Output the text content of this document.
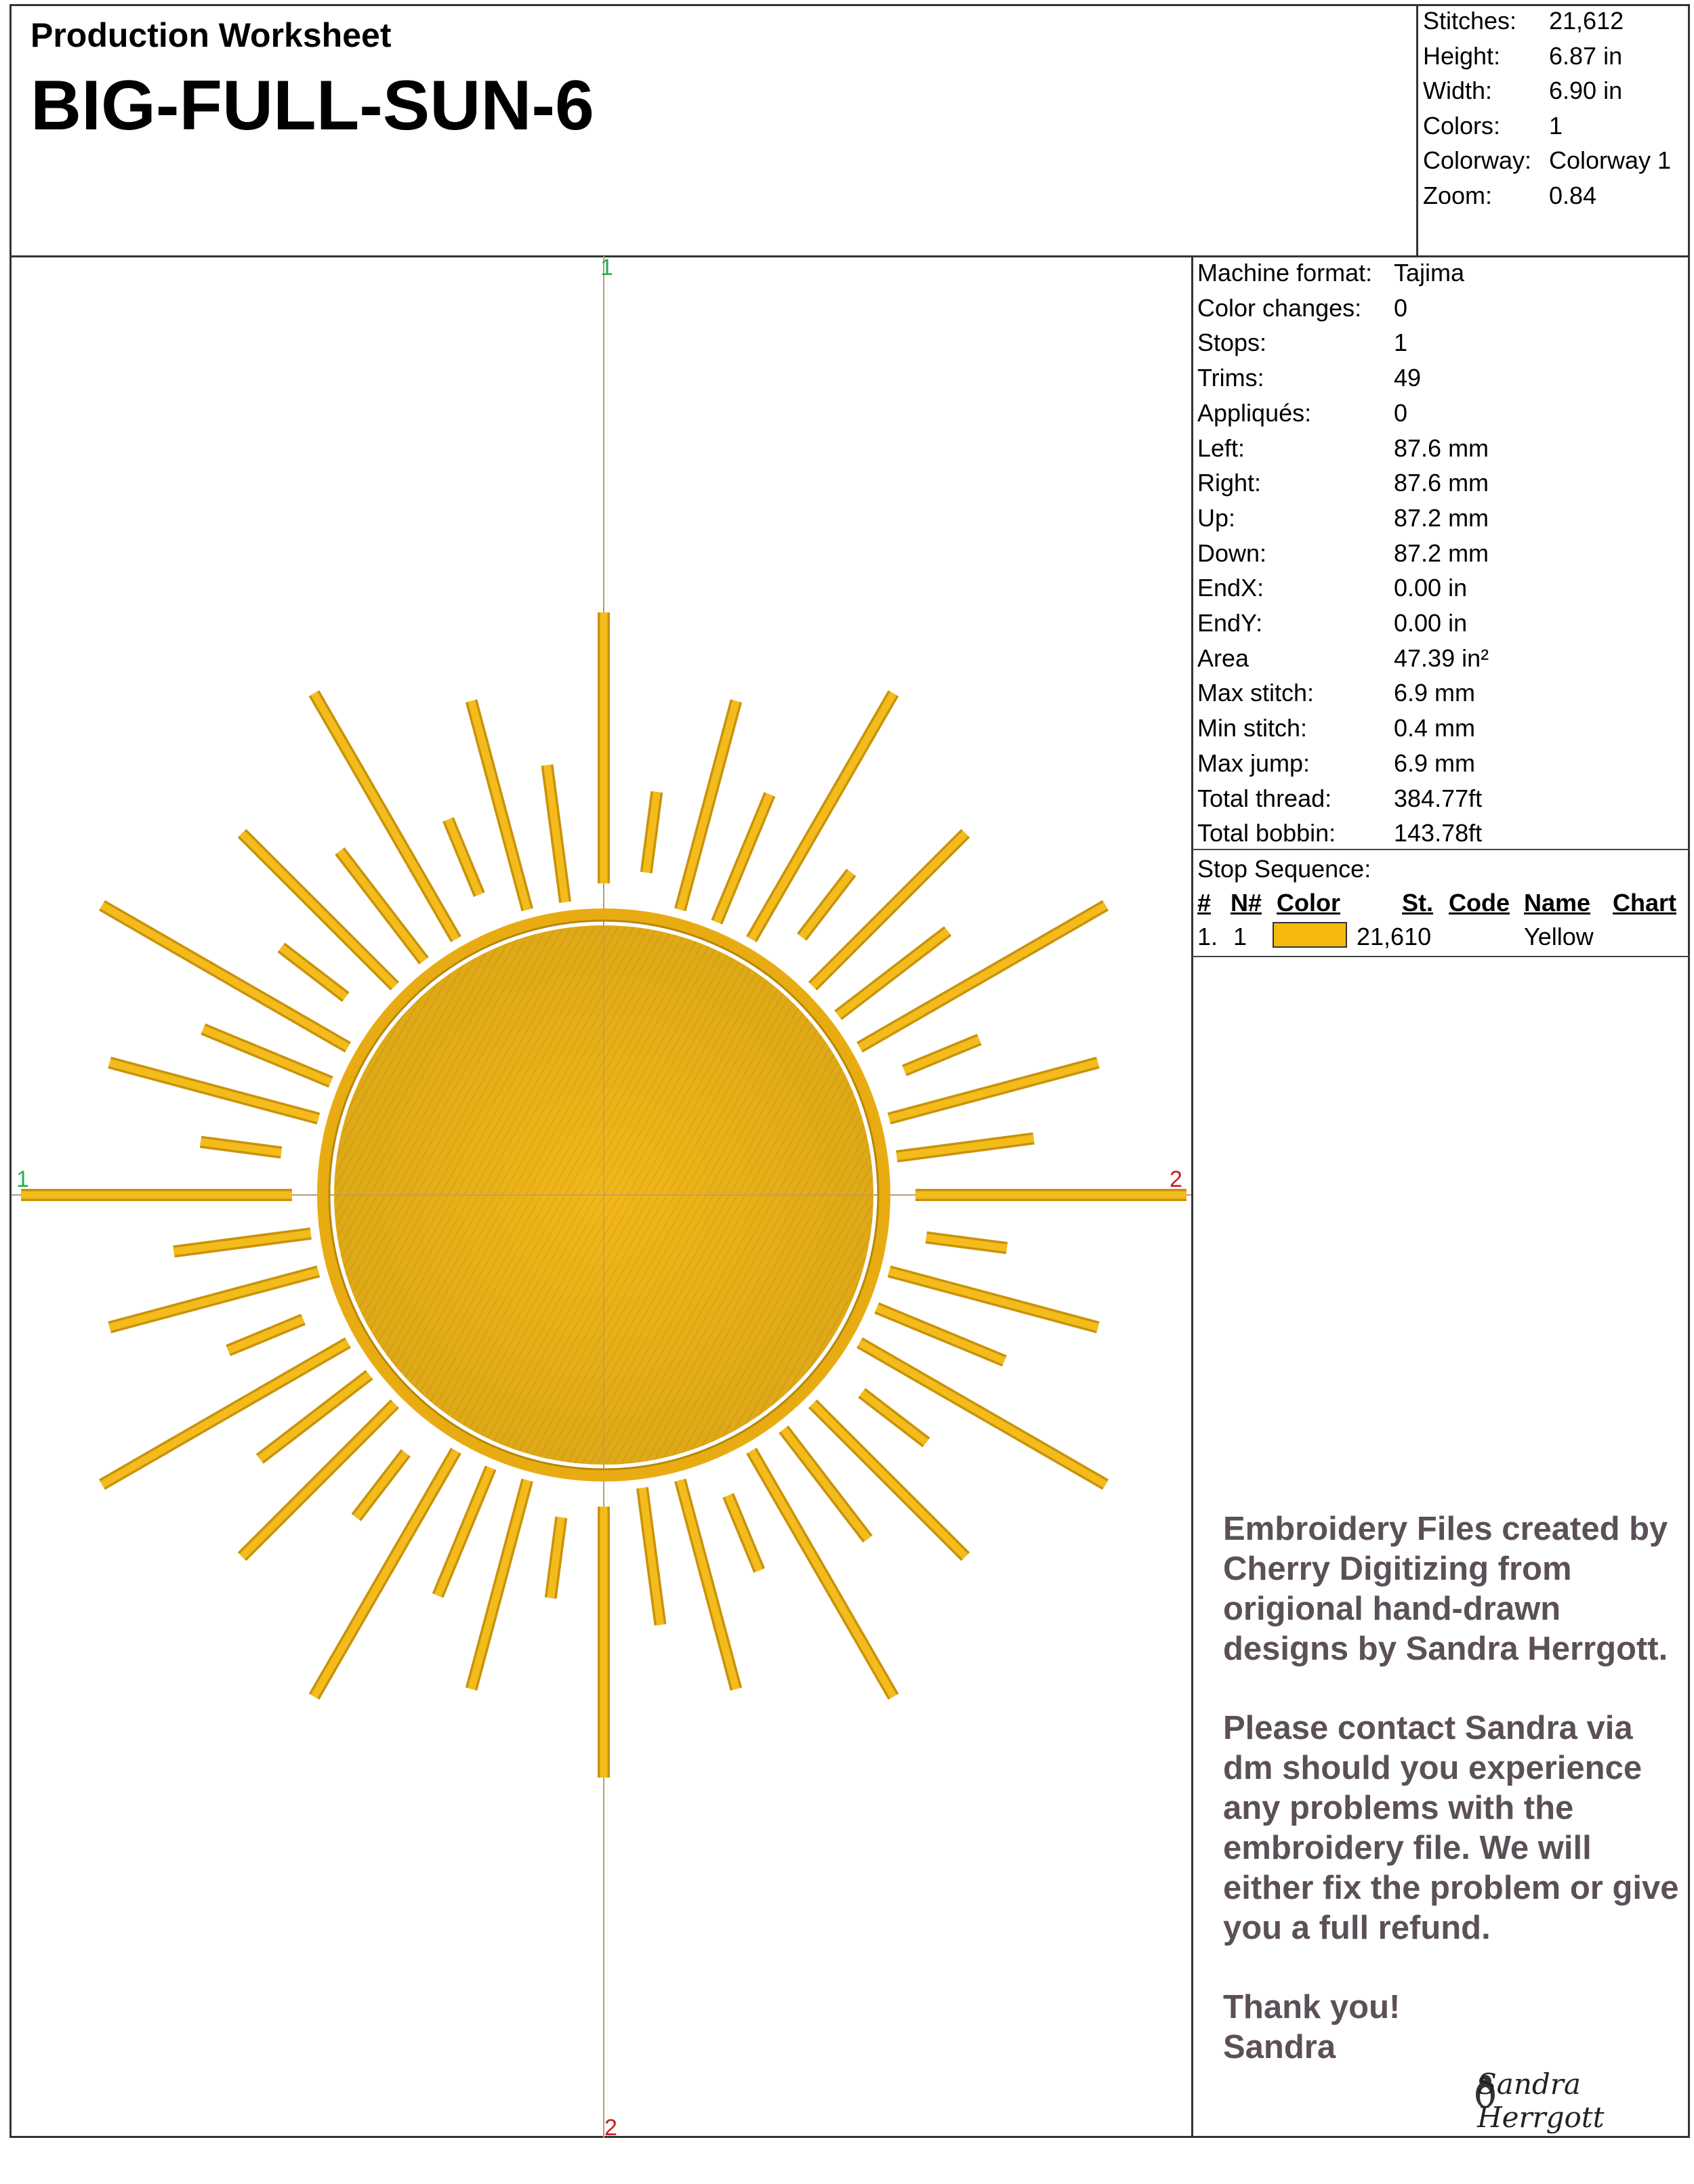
Production Worksheet
BIG-FULL-SUN-6
Stitches: 21,612
Height: 6.87 in
Width: 6.90 in
Colors: 1
Colorway: Colorway 1
Zoom: 0.84
1
1	2
2
Machine format: Tajima
Color changes: 0
Stops:	1
Trims:	49
Appliqués:	0
Left:	87.6 mm
Right:	87.6 mm
Up:	87.2 mm
Down:	87.2 mm
EndX:	0.00 in
EndY:	0.00 in
Area	47.39 in²
Max stitch:	6.9 mm
Min stitch:	0.4 mm
Max jump:	6.9 mm
Total thread:	384.77ft
Total bobbin: 143.78ft
Stop Sequence:
# N# Color	St. Code Name Chart
1. 1	21,610	Yellow

Embroidery Files created by Cherry Digitizing from origional hand-drawn designs by Sandra Herrgott.

Please contact Sandra via dm should you experience any problems with the embroidery file. We will either fix the problem or give you a full refund.

Thank you!
Sandra
Sandra Herrgott
